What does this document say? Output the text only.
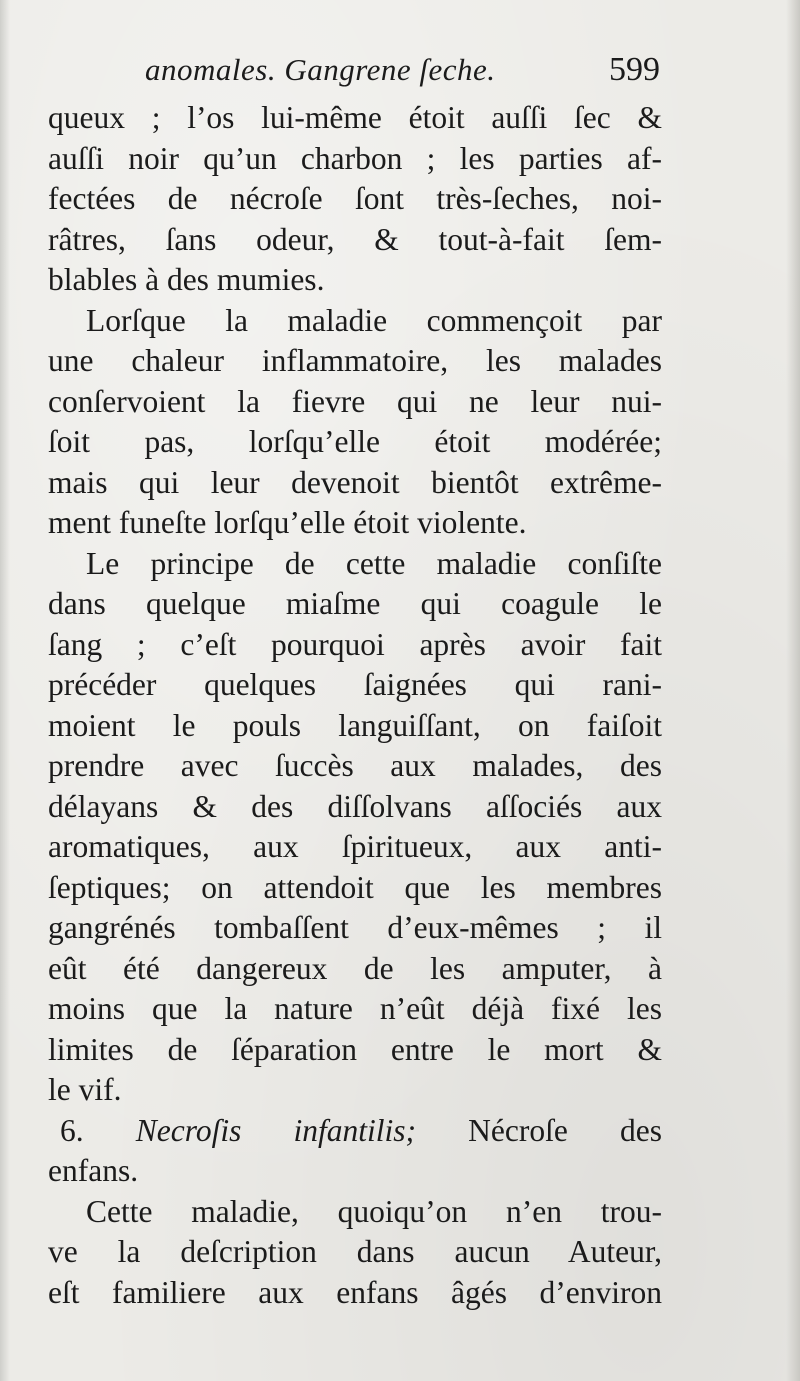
anomales. Gangrene ſeche.	599
queux ; l’os lui-même étoit auſſi ſec &
auſſi noir qu’un charbon ; les parties af-
fectées de nécroſe ſont très-ſeches, noi-
râtres, ſans odeur, & tout-à-fait ſem-
blables à des mumies.
Lorſque la maladie commençoit par
une chaleur inflammatoire, les malades
conſervoient la fievre qui ne leur nui-
ſoit pas, lorſqu’elle étoit modérée;
mais qui leur devenoit bientôt extrême-
ment funeſte lorſqu’elle étoit violente.
Le principe de cette maladie conſiſte
dans quelque miaſme qui coagule le
ſang ; c’eſt pourquoi après avoir fait
précéder quelques ſaignées qui rani-
moient le pouls languiſſant, on faiſoit
prendre avec ſuccès aux malades, des
délayans & des diſſolvans aſſociés aux
aromatiques, aux ſpiritueux, aux anti-
ſeptiques; on attendoit que les membres
gangrénés tombaſſent d’eux-mêmes ; il
eût été dangereux de les amputer, à
moins que la nature n’eût déjà fixé les
limites de ſéparation entre le mort &
le vif.
6. Necroſis infantilis; Nécroſe des
enfans.
Cette maladie, quoiqu’on n’en trou-
ve la deſcription dans aucun Auteur,
eſt familiere aux enfans âgés d’environ
